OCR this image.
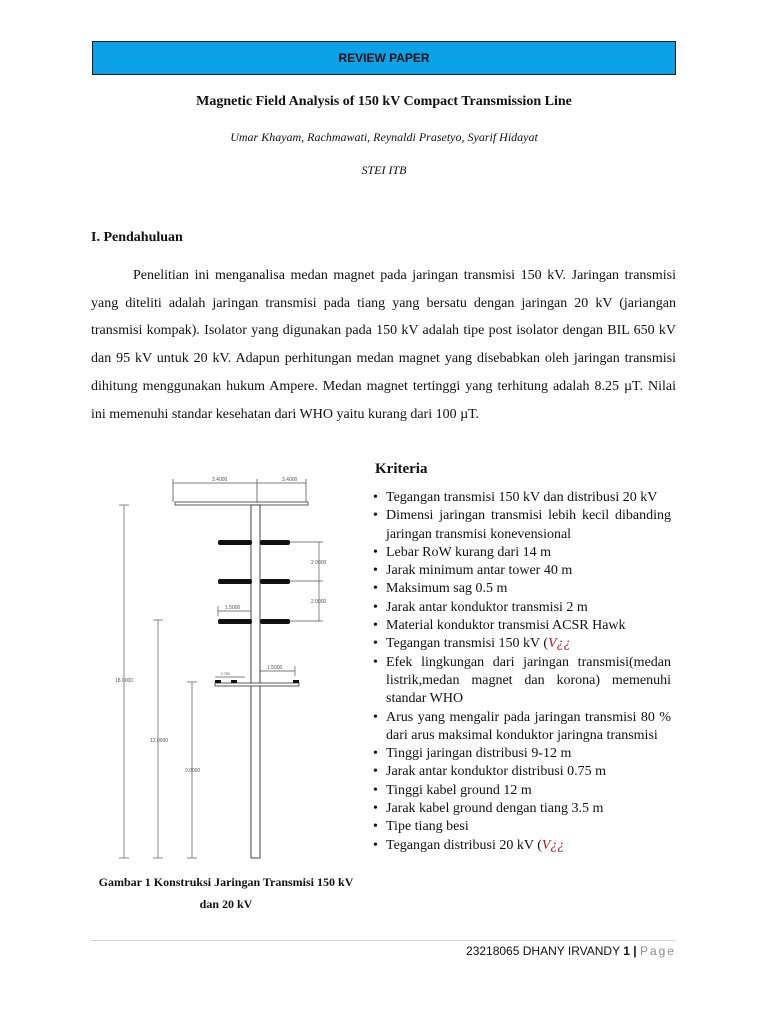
REVIEW PAPER
Magnetic Field Analysis of 150 kV Compact Transmission Line
Umar Khayam, Rachmawati, Reynaldi Prasetyo, Syarif Hidayat
STEI ITB
I. Pendahuluan

Penelitian ini menganalisa medan magnet pada jaringan transmisi 150 kV. Jaringan transmisi yang diteliti adalah jaringan transmisi pada tiang yang bersatu dengan jaringan 20 kV (jariangan transmisi kompak). Isolator yang digunakan pada 150 kV adalah tipe post isolator dengan BIL 650 kV dan 95 kV untuk 20 kV. Adapun perhitungan medan magnet yang disebabkan oleh jaringan transmisi dihitung menggunakan hukum Ampere. Medan magnet tertinggi yang terhitung adalah 8.25 µT. Nilai ini memenuhi standar kesehatan dari WHO yaitu kurang dari 100 µT.

3.4000	3.4000
2.0000
2.0000
1.5000
1.5000
0.750
18.0000
12.0000
9.0000
Gambar 1 Konstruksi Jaringan Transmisi 150 kV dan 20 kV
Kriteria
• Tegangan transmisi 150 kV dan distribusi 20 kV
• Dimensi jaringan transmisi lebih kecil dibanding jaringan transmisi konevensional
• Lebar RoW kurang dari 14 m
• Jarak minimum antar tower 40 m
• Maksimum sag 0.5 m
• Jarak antar konduktor transmisi 2 m
• Material konduktor transmisi ACSR Hawk
• Tegangan transmisi 150 kV (V¿¿
• Efek lingkungan dari jaringan transmisi(medan listrik,medan magnet dan korona) memenuhi standar WHO
• Arus yang mengalir pada jaringan transmisi 80 % dari arus maksimal konduktor jaringna transmisi
• Tinggi jaringan distribusi 9-12 m
• Jarak antar konduktor distribusi 0.75 m
• Tinggi kabel ground 12 m
• Jarak kabel ground dengan tiang 3.5 m
• Tipe tiang besi
• Tegangan distribusi 20 kV (V¿¿
23218065 DHANY IRVANDY 1 | Page
